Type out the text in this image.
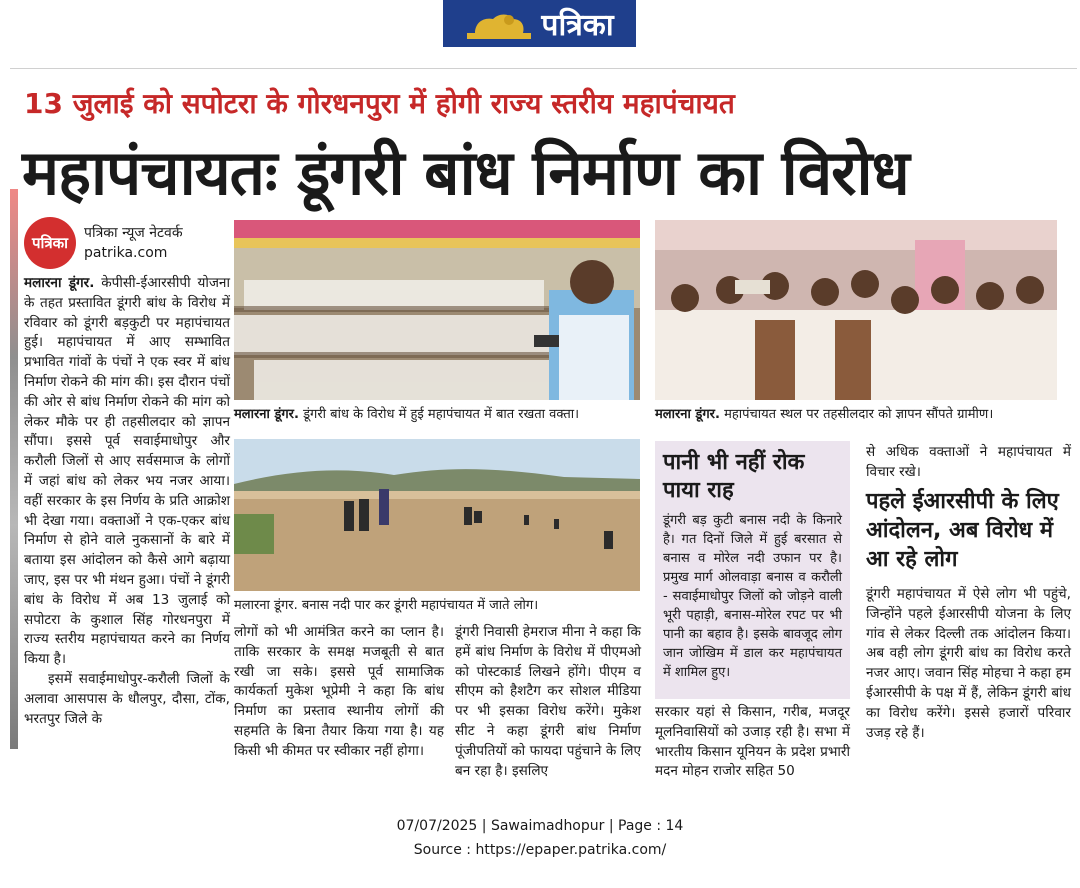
पत्रिका
13 जुलाई को सपोटरा के गोरधनपुरा में होगी राज्य स्तरीय महापंचायत
महापंचायतः डूंगरी बांध निर्माण का विरोध
पत्रिका
पत्रिका न्यूज नेटवर्क
patrika.com
मलारना डूंगर. केपीसी-ईआरसीपी योजना के तहत प्रस्तावित डूंगरी बांध के विरोध में रविवार को डूंगरी बड़कुटी पर महापंचायत हुई। महापंचायत में आए सम्भावित प्रभावित गांवों के पंचों ने एक स्वर में बांध निर्माण रोकने की मांग की। इस दौरान पंचों की ओर से बांध निर्माण रोकने की मांग को लेकर मौके पर ही तहसीलदार को ज्ञापन सौंपा। इससे पूर्व सवाईमाधोपुर और करौली जिलों से आए सर्वसमाज के लोगों में जहां बांध को लेकर भय नजर आया। वहीं सरकार के इस निर्णय के प्रति आक्रोश भी देखा गया। वक्ताओं ने एक-एकर बांध निर्माण से होने वाले नुकसानों के बारे में बताया इस आंदोलन को कैसे आगे बढ़ाया जाए, इस पर भी मंथन हुआ। पंचों ने डूंगरी बांध के विरोध में अब 13 जुलाई को सपोटरा के कुशाल सिंह गोरधनपुरा में राज्य स्तरीय महापंचायत करने का निर्णय किया है।
इसमें सवाईमाधोपुर-करौली जिलों के अलावा आसपास के धौलपुर, दौसा, टोंक, भरतपुर जिले के
मलारना डूंगर. डूंगरी बांध के विरोध में हुई महापंचायत में बात रखता वक्ता।	मलारना डूंगर. महापंचायत स्थल पर तहसीलदार को ज्ञापन सौंपते ग्रामीण।
मलारना डूंगर. बनास नदी पार कर डूंगरी महापंचायत में जाते लोग।
लोगों को भी आमंत्रित करने का प्लान है। ताकि सरकार के समक्ष मजबूती से बात रखी जा सके। इससे पूर्व सामाजिक कार्यकर्ता मुकेश भूप्रेमी ने कहा कि बांध निर्माण का प्रस्ताव स्थानीय लोगों की सहमति के बिना तैयार किया गया है। यह किसी भी कीमत पर स्वीकार नहीं होगा।
डूंगरी निवासी हेमराज मीना ने कहा कि हमें बांध निर्माण के विरोध में पीएमओ को पोस्टकार्ड लिखने होंगे। पीएम व सीएम को हैशटैग कर सोशल मीडिया पर भी इसका विरोध करेंगे। मुकेश सीट ने कहा डूंगरी बांध निर्माण पूंजीपतियों को फायदा पहुंचाने के लिए बन रहा है। इसलिए
पानी भी नहीं रोक पाया राह

डूंगरी बड़ कुटी बनास नदी के किनारे है। गत दिनों जिले में हुई बरसात से बनास व मोरेल नदी उफान पर है। प्रमुख मार्ग ओलवाड़ा बनास व करौली - सवाईमाधोपुर जिलों को जोड़ने वाली भूरी पहाड़ी, बनास-मोरेल रपट पर भी पानी का बहाव है। इसके बावजूद लोग जान जोखिम में डाल कर महापंचायत में शामिल हुए।

सरकार यहां से किसान, गरीब, मजदूर मूलनिवासियों को उजाड़ रही है। सभा में भारतीय किसान यूनियन के प्रदेश प्रभारी मदन मोहन राजोर सहित 50
से अधिक वक्ताओं ने महापंचायत में विचार रखे।
पहले ईआरसीपी के लिए आंदोलन, अब विरोध में आ रहे लोग
डूंगरी महापंचायत में ऐसे लोग भी पहुंचे, जिन्होंने पहले ईआरसीपी योजना के लिए गांव से लेकर दिल्ली तक आंदोलन किया। अब वही लोग डूंगरी बांध का विरोध करते नजर आए। जवान सिंह मोहचा ने कहा हम ईआरसीपी के पक्ष में हैं, लेकिन डूंगरी बांध का विरोध करेंगे। इससे हजारों परिवार उजड़ रहे हैं।
07/07/2025 | Sawaimadhopur | Page : 14
Source : https://epaper.patrika.com/
